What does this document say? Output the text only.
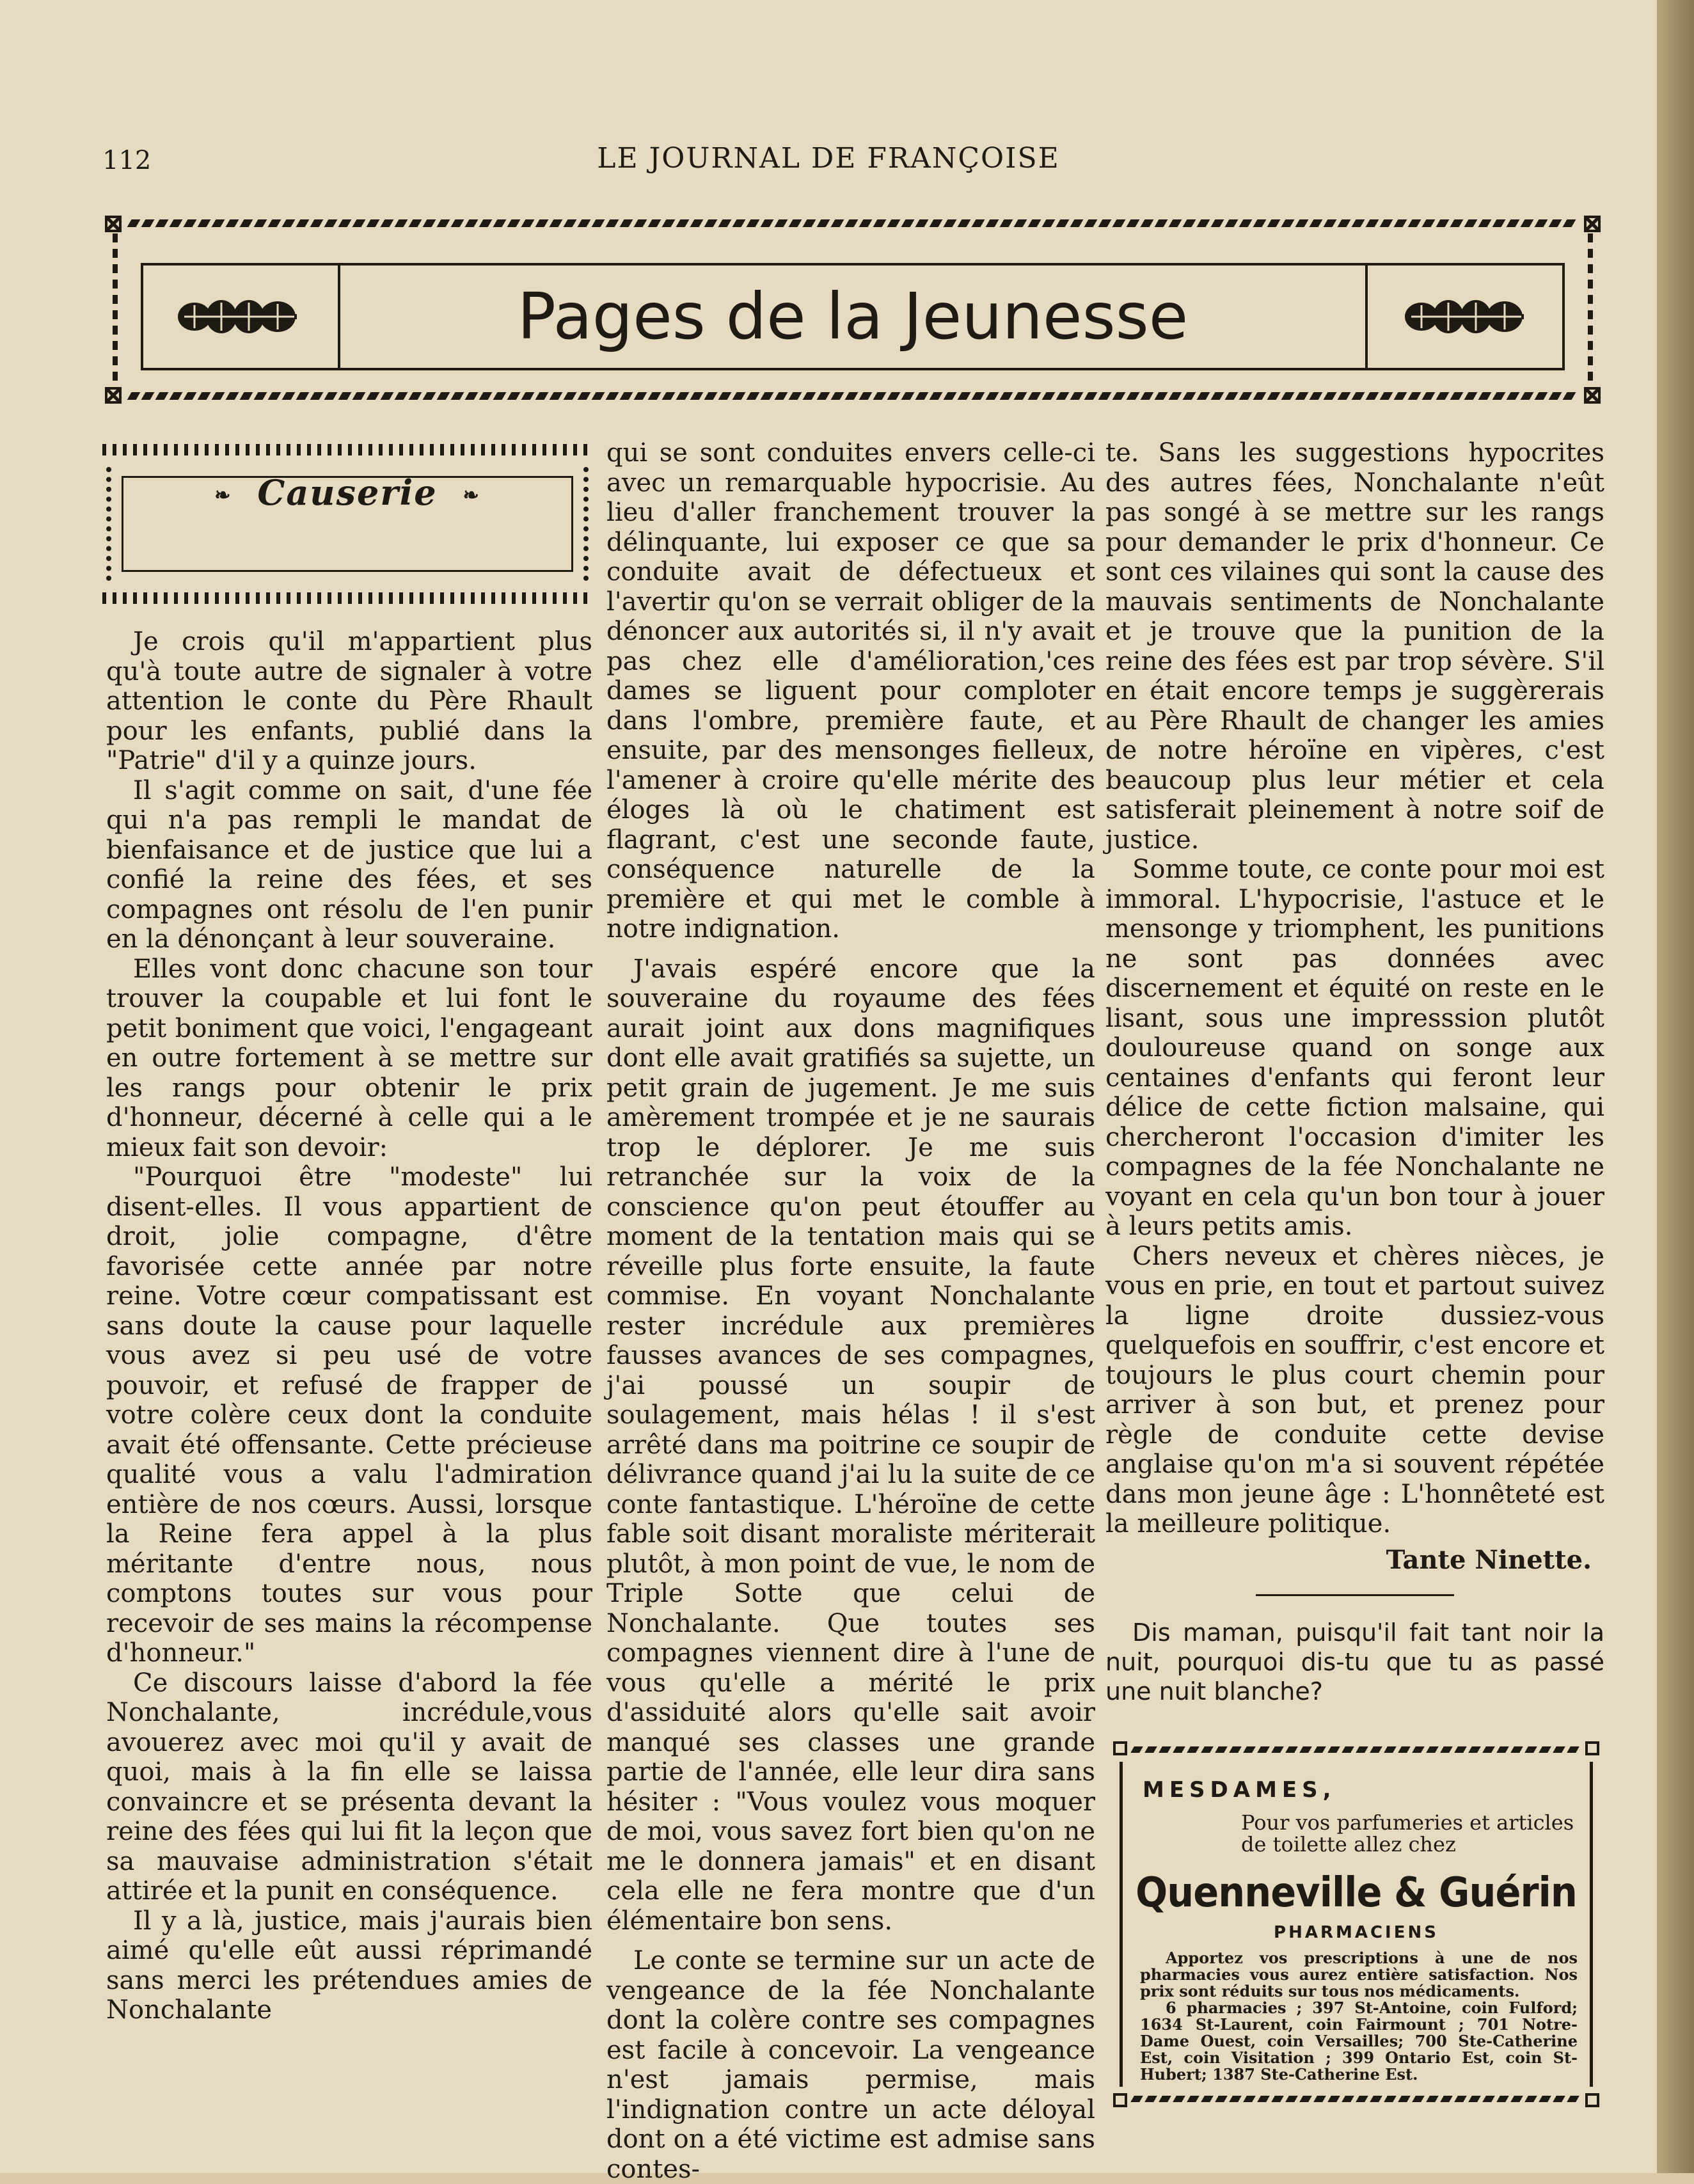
112	LE JOURNAL DE FRANÇOISE
Pages de la Jeunesse
❧ Causerie ❧

Je crois qu'il m'appartient plus qu'à toute autre de signaler à votre attention le conte du Père Rhault pour les enfants, publié dans la "Patrie" d'il y a quinze jours.

Il s'agit comme on sait, d'une fée qui n'a pas rempli le mandat de bienfaisance et de justice que lui a confié la reine des fées, et ses compagnes ont résolu de l'en punir en la dénonçant à leur souveraine.

Elles vont donc chacune son tour trouver la coupable et lui font le petit boniment que voici, l'engageant en outre fortement à se mettre sur les rangs pour obtenir le prix d'honneur, décerné à celle qui a le mieux fait son devoir:

"Pourquoi être "modeste" lui disent-elles. Il vous appartient de droit, jolie compagne, d'être favorisée cette année par notre reine. Votre cœur compatissant est sans doute la cause pour laquelle vous avez si peu usé de votre pouvoir, et refusé de frapper de votre colère ceux dont la conduite avait été offensante. Cette précieuse qualité vous a valu l'admiration entière de nos cœurs. Aussi, lorsque la Reine fera appel à la plus méritante d'entre nous, nous comptons toutes sur vous pour recevoir de ses mains la récompense d'honneur."

Ce discours laisse d'abord la fée Nonchalante, incrédule,vous avouerez avec moi qu'il y avait de quoi, mais à la fin elle se laissa convaincre et se présenta devant la reine des fées qui lui fit la leçon que sa mauvaise administration s'était attirée et la punit en conséquence.

Il y a là, justice, mais j'aurais bien aimé qu'elle eût aussi réprimandé sans merci les prétendues amies de Nonchalante

qui se sont conduites envers celle-ci avec un remarquable hypocrisie. Au lieu d'aller franchement trouver la délinquante, lui exposer ce que sa conduite avait de défectueux et l'avertir qu'on se verrait obliger de la dénoncer aux autorités si, il n'y avait pas chez elle d'amélioration,'ces dames se liguent pour comploter dans l'ombre, première faute, et ensuite, par des mensonges fielleux, l'amener à croire qu'elle mérite des éloges là où le chatiment est flagrant, c'est une seconde faute, conséquence naturelle de la première et qui met le comble à notre indignation.

J'avais espéré encore que la souveraine du royaume des fées aurait joint aux dons magnifiques dont elle avait gratifiés sa sujette, un petit grain de jugement. Je me suis amèrement trompée et je ne saurais trop le déplorer. Je me suis retranchée sur la voix de la conscience qu'on peut étouffer au moment de la tentation mais qui se réveille plus forte ensuite, la faute commise. En voyant Nonchalante rester incrédule aux premières fausses avances de ses compagnes, j'ai poussé un soupir de soulagement, mais hélas ! il s'est arrêté dans ma poitrine ce soupir de délivrance quand j'ai lu la suite de ce conte fantastique. L'héroïne de cette fable soit disant moraliste mériterait plutôt, à mon point de vue, le nom de Triple Sotte que celui de Nonchalante. Que toutes ses compagnes viennent dire à l'une de vous qu'elle a mérité le prix d'assiduité alors qu'elle sait avoir manqué ses classes une grande partie de l'année, elle leur dira sans hésiter : "Vous voulez vous moquer de moi, vous savez fort bien qu'on ne me le donnera jamais" et en disant cela elle ne fera montre que d'un élémentaire bon sens.

Le conte se termine sur un acte de vengeance de la fée Nonchalante dont la colère contre ses compagnes est facile à concevoir. La vengeance n'est jamais permise, mais l'indignation contre un acte déloyal dont on a été victime est admise sans contes-

te. Sans les suggestions hypocrites des autres fées, Nonchalante n'eût pas songé à se mettre sur les rangs pour demander le prix d'honneur. Ce sont ces vilaines qui sont la cause des mauvais sentiments de Nonchalante et je trouve que la punition de la reine des fées est par trop sévère. S'il en était encore temps je suggèrerais au Père Rhault de changer les amies de notre héroïne en vipères, c'est beaucoup plus leur métier et cela satisferait pleinement à notre soif de justice.

Somme toute, ce conte pour moi est immoral. L'hypocrisie, l'astuce et le mensonge y triomphent, les punitions ne sont pas données avec discernement et équité on reste en le lisant, sous une impresssion plutôt douloureuse quand on songe aux centaines d'enfants qui feront leur délice de cette fiction malsaine, qui chercheront l'occasion d'imiter les compagnes de la fée Nonchalante ne voyant en cela qu'un bon tour à jouer à leurs petits amis.

Chers neveux et chères nièces, je vous en prie, en tout et partout suivez la ligne droite dussiez-vous quelquefois en souffrir, c'est encore et toujours le plus court chemin pour arriver à son but, et prenez pour règle de conduite cette devise anglaise qu'on m'a si souvent répétée dans mon jeune âge : L'honnêteté est la meilleure politique.

Tante Ninette.

Dis maman, puisqu'il fait tant noir la nuit, pourquoi dis-tu que tu as passé une nuit blanche?

MESDAMES,
Pour vos parfumeries et articles de toilette allez chez
Quenneville & Guérin
PHARMACIENS

Apportez vos prescriptions à une de nos pharmacies vous aurez entière satisfaction. Nos prix sont réduits sur tous nos médicaments.

6 pharmacies ; 397 St-Antoine, coin Fulford; 1634 St-Laurent, coin Fairmount ; 701 Notre-Dame Ouest, coin Versailles; 700 Ste-Catherine Est, coin Visitation ; 399 Ontario Est, coin St-Hubert; 1387 Ste-Catherine Est.
